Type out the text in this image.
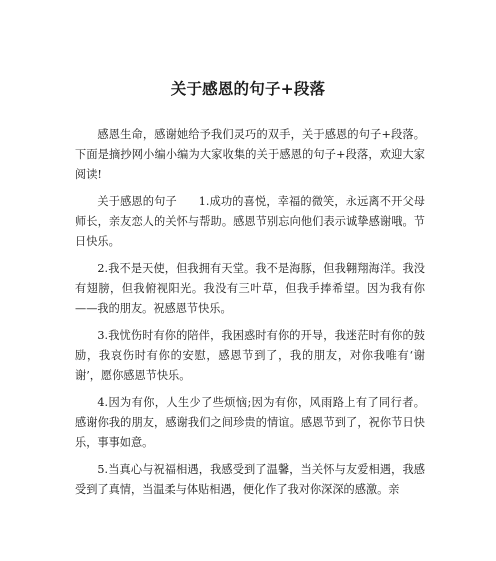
关于感恩的句子+段落

感恩生命，感谢她给予我们灵巧的双手，关于感恩的句子+段落。下面是摘抄网小编小编为大家收集的关于感恩的句子+段落，欢迎大家阅读!

关于感恩的句子 1.成功的喜悦，幸福的微笑，永远离不开父母师长，亲友恋人的关怀与帮助。感恩节别忘向他们表示诚挚感谢哦。节日快乐。

2.我不是天使，但我拥有天堂。我不是海豚，但我翱翔海洋。我没有翅膀，但我俯视阳光。我没有三叶草，但我手捧希望。因为我有你——我的朋友。祝感恩节快乐。

3.我忧伤时有你的陪伴，我困惑时有你的开导，我迷茫时有你的鼓励，我哀伤时有你的安慰，感恩节到了，我的朋友，对你我唯有‘谢谢’，愿你感恩节快乐。

4.因为有你，人生少了些烦恼;因为有你，风雨路上有了同行者。感谢你我的朋友，感谢我们之间珍贵的情谊。感恩节到了，祝你节日快乐，事事如意。

5.当真心与祝福相遇，我感受到了温馨，当关怀与友爱相遇，我感受到了真情，当温柔与体贴相遇，便化作了我对你深深的感激。亲
